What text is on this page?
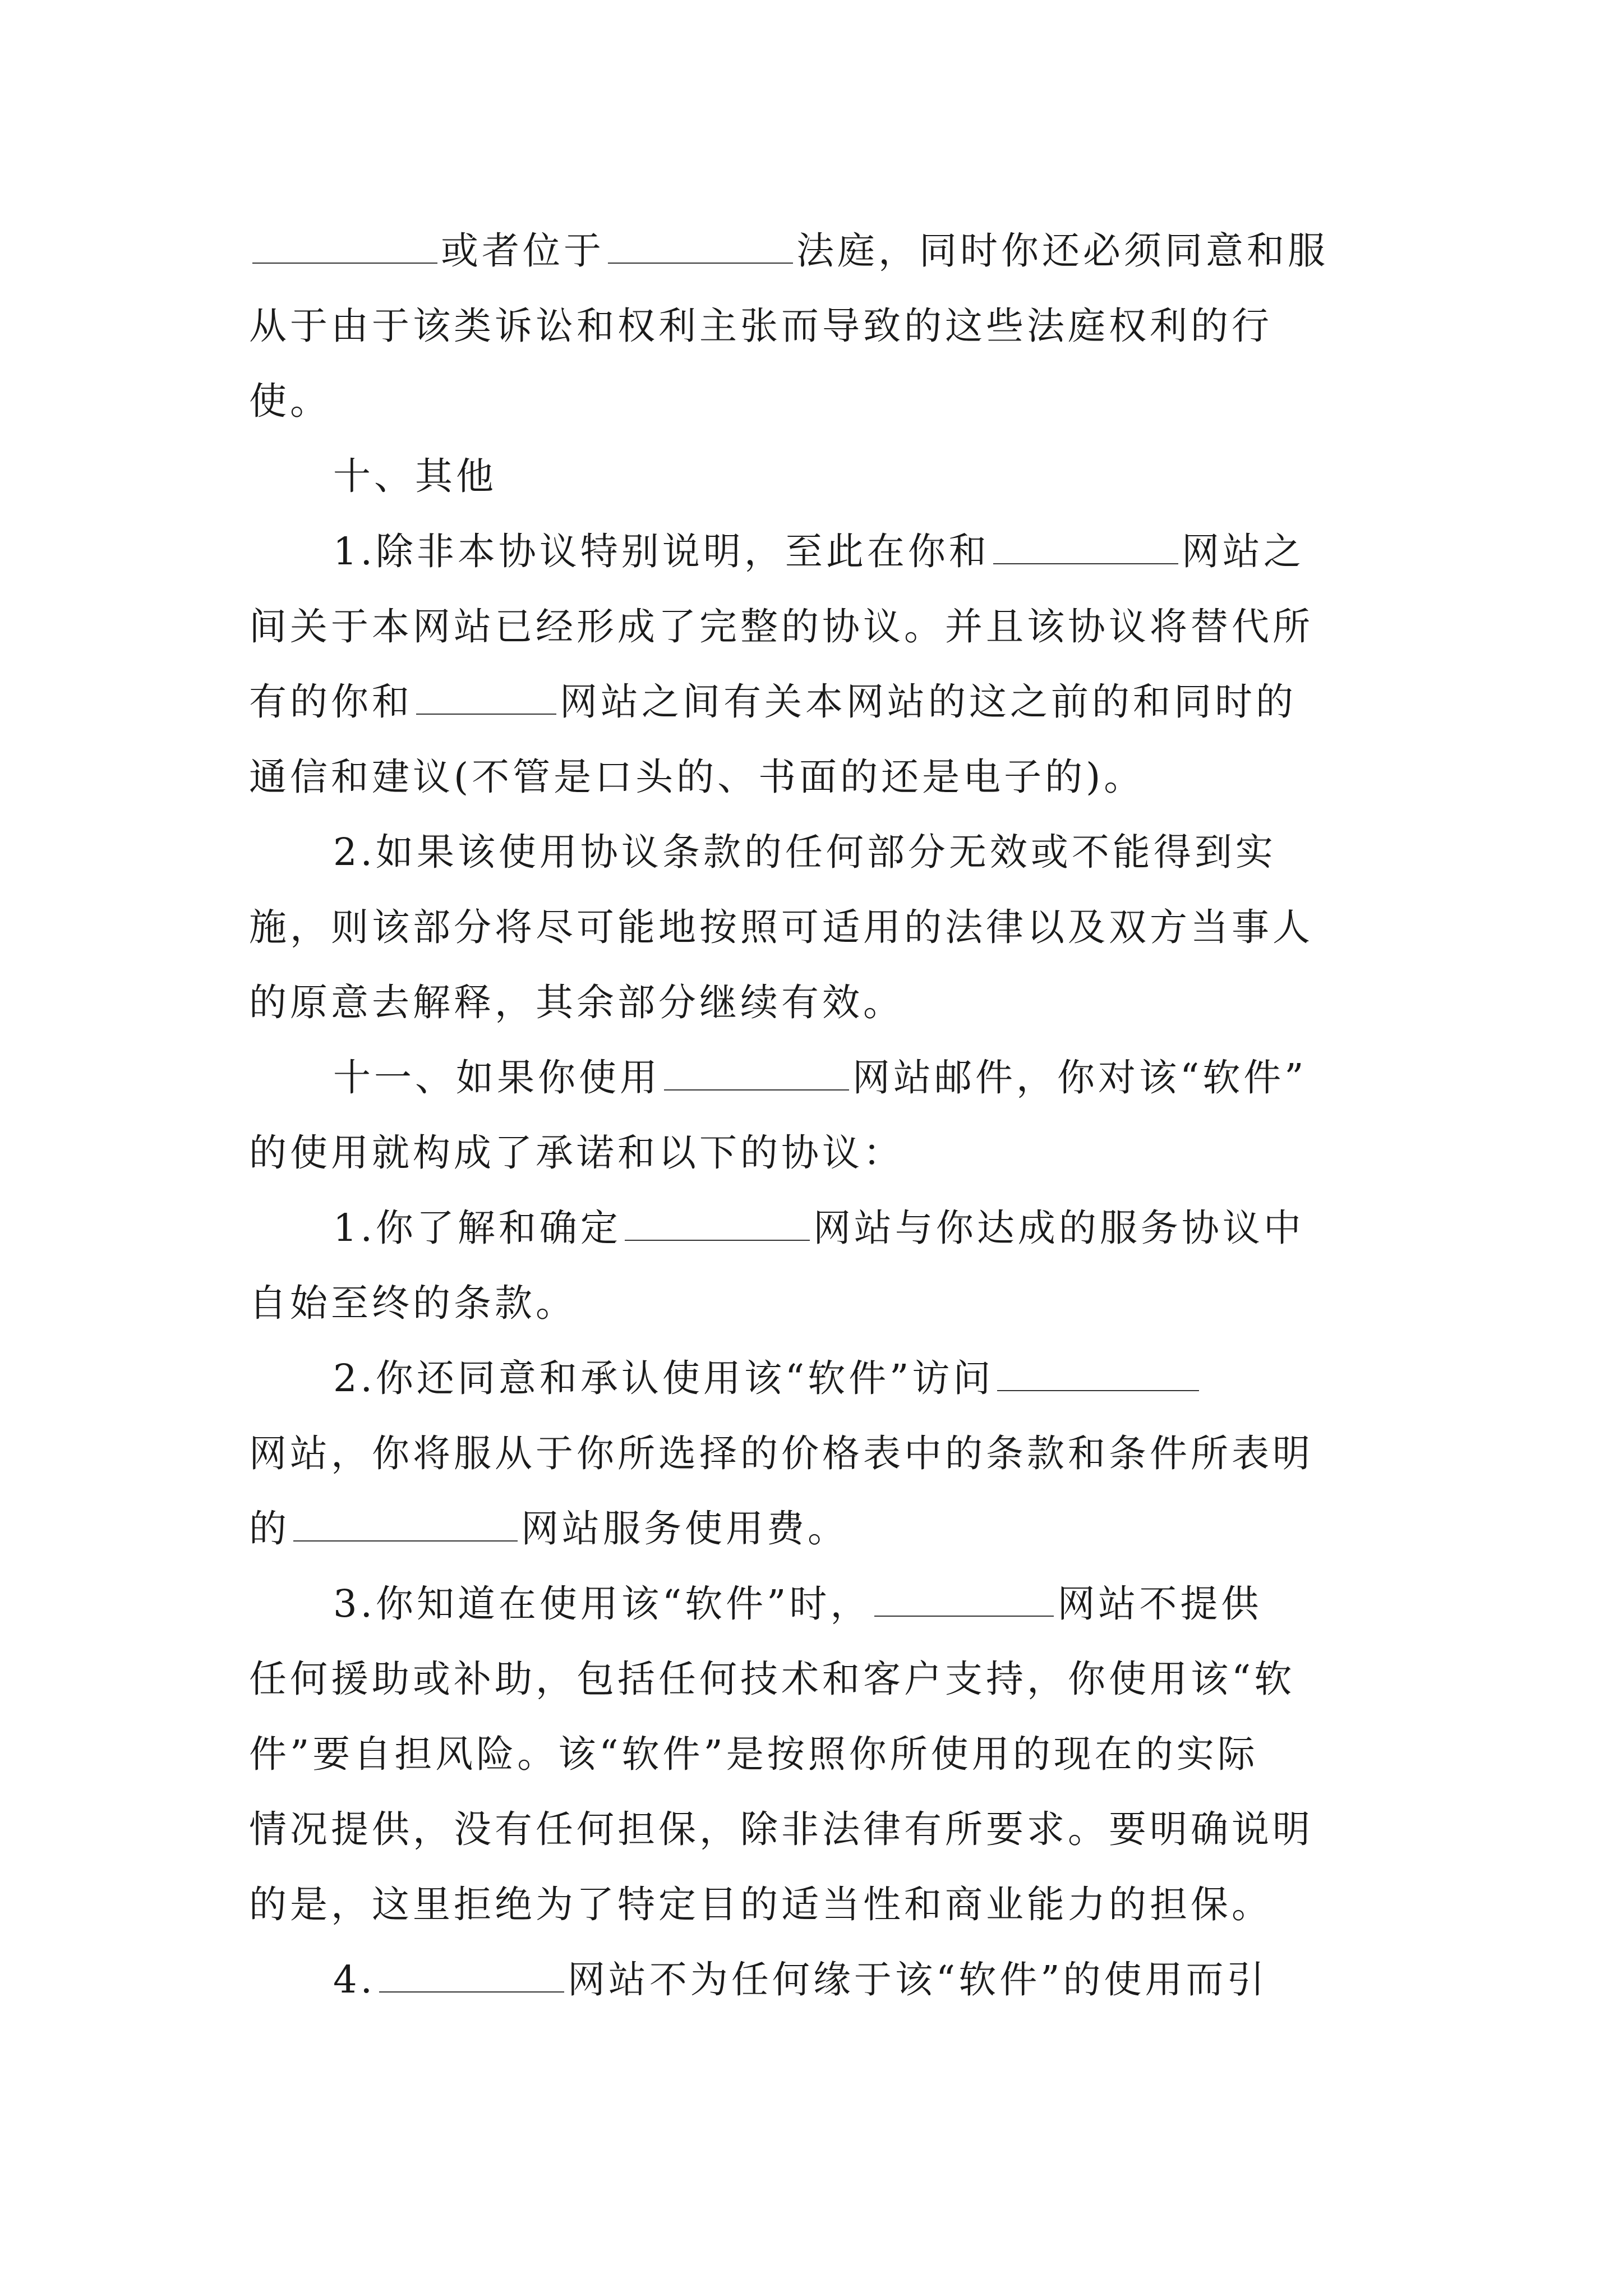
或者位于	法庭，同时你还必须同意和服
从于由于该类诉讼和权利主张而导致的这些法庭权利的行
使。
十、其他
1.除非本协议特别说明，至此在你和	网站之
间关于本网站已经形成了完整的协议。并且该协议将替代所
有的你和	网站之间有关本网站的这之前的和同时的
通信和建议(不管是口头的、书面的还是电子的)。
2.如果该使用协议条款的任何部分无效或不能得到实
施，则该部分将尽可能地按照可适用的法律以及双方当事人
的原意去解释，其余部分继续有效。
十一、如果你使用	网站邮件，你对该“软件”
的使用就构成了承诺和以下的协议：
1.你了解和确定	网站与你达成的服务协议中
自始至终的条款。
2.你还同意和承认使用该“软件”访问
网站，你将服从于你所选择的价格表中的条款和条件所表明
的	网站服务使用费。
3.你知道在使用该“软件”时，	网站不提供
任何援助或补助，包括任何技术和客户支持，你使用该“软
件”要自担风险。该“软件”是按照你所使用的现在的实际
情况提供，没有任何担保，除非法律有所要求。要明确说明
的是，这里拒绝为了特定目的适当性和商业能力的担保。
4.	网站不为任何缘于该“软件”的使用而引
